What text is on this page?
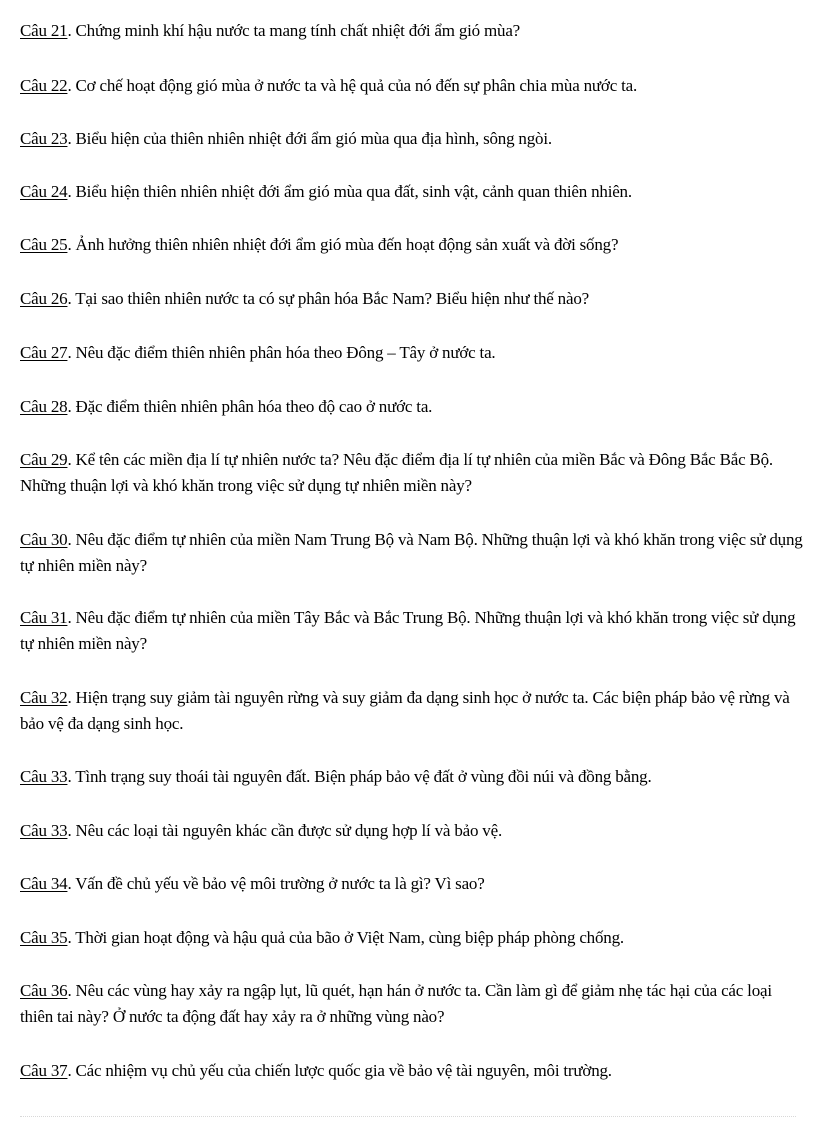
Câu 21. Chứng minh khí hậu nước ta mang tính chất nhiệt đới ẩm gió mùa?

Câu 22. Cơ chế hoạt động gió mùa ở nước ta và hệ quả của nó đến sự phân chia mùa nước ta.

Câu 23. Biểu hiện của thiên nhiên nhiệt đới ẩm gió mùa qua địa hình, sông ngòi.

Câu 24. Biểu hiện thiên nhiên nhiệt đới ẩm gió mùa qua đất, sinh vật, cảnh quan thiên nhiên.

Câu 25. Ảnh hưởng thiên nhiên nhiệt đới ẩm gió mùa đến hoạt động sản xuất và đời sống?

Câu 26. Tại sao thiên nhiên nước ta có sự phân hóa Bắc Nam? Biểu hiện như thế nào?

Câu 27. Nêu đặc điểm thiên nhiên phân hóa theo Đông – Tây ở nước ta.

Câu 28. Đặc điểm thiên nhiên phân hóa theo độ cao ở nước ta.

Câu 29. Kể tên các miền địa lí tự nhiên nước ta? Nêu đặc điểm địa lí tự nhiên của miền Bắc và Đông Bắc Bắc Bộ. Những thuận lợi và khó khăn trong việc sử dụng tự nhiên miền này?

Câu 30. Nêu đặc điểm tự nhiên của miền Nam Trung Bộ và Nam Bộ. Những thuận lợi và khó khăn trong việc sử dụng tự nhiên miền này?

Câu 31. Nêu đặc điểm tự nhiên của miền Tây Bắc và Bắc Trung Bộ. Những thuận lợi và khó khăn trong việc sử dụng tự nhiên miền này?

Câu 32. Hiện trạng suy giảm tài nguyên rừng và suy giảm đa dạng sinh học ở nước ta. Các biện pháp bảo vệ rừng và bảo vệ đa dạng sinh học.

Câu 33. Tình trạng suy thoái tài nguyên đất. Biện pháp bảo vệ đất ở vùng đồi núi và đồng bằng.

Câu 33. Nêu các loại tài nguyên khác cần được sử dụng hợp lí và bảo vệ.

Câu 34. Vấn đề chủ yếu về bảo vệ môi trường ở nước ta là gì? Vì sao?

Câu 35. Thời gian hoạt động và hậu quả của bão ở Việt Nam, cùng biệp pháp phòng chống.

Câu 36. Nêu các vùng hay xảy ra ngập lụt, lũ quét, hạn hán ở nước ta. Cần làm gì để giảm nhẹ tác hại của các loại thiên tai này? Ở nước ta động đất hay xảy ra ở những vùng nào?

Câu 37. Các nhiệm vụ chủ yếu của chiến lược quốc gia về bảo vệ tài nguyên, môi trường.
